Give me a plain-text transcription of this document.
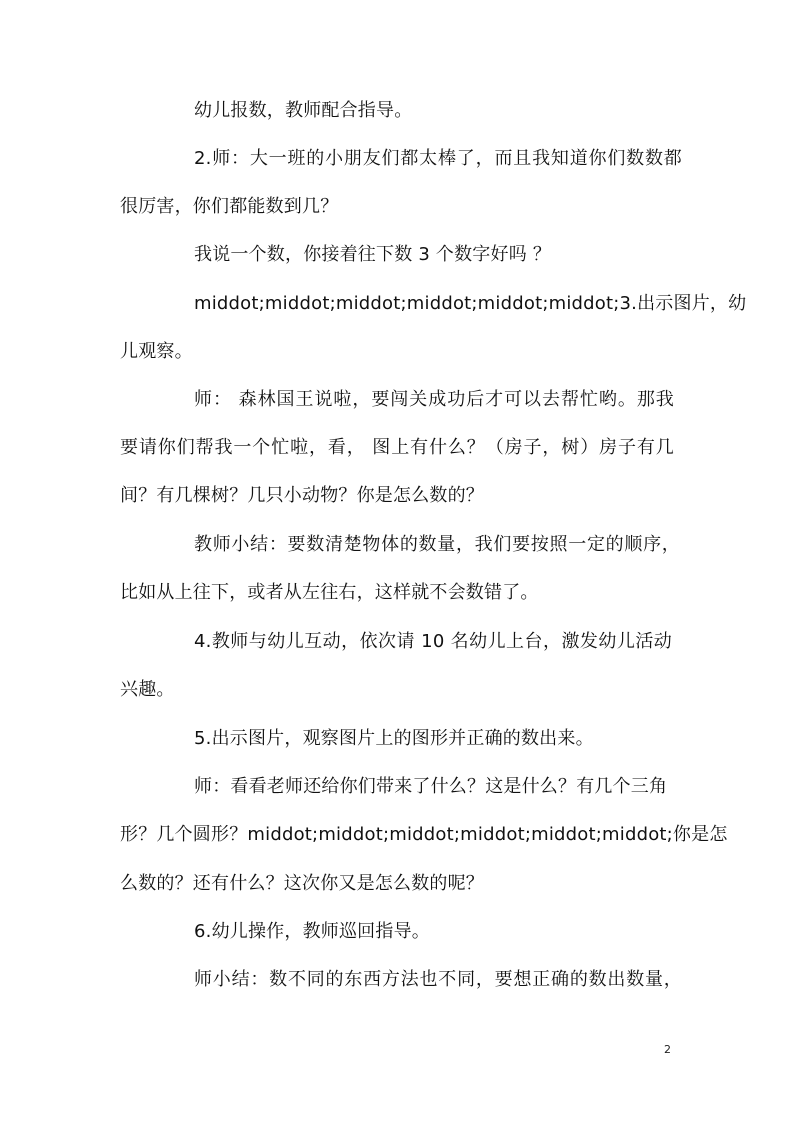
幼儿报数，教师配合指导。
2.师：大一班的小朋友们都太棒了，而且我知道你们数数都
很厉害，你们都能数到几？
我说一个数，你接着往下数 3 个数字好吗 ？
middot;middot;middot;middot;middot;middot;3.出示图片，幼
儿观察。
师： 森林国王说啦，要闯关成功后才可以去帮忙哟。那我
要请你们帮我一个忙啦，看， 图上有什么？（房子，树）房子有几
间？有几棵树？几只小动物？你是怎么数的？
教师小结：要数清楚物体的数量，我们要按照一定的顺序，
比如从上往下，或者从左往右，这样就不会数错了。
4.教师与幼儿互动，依次请 10 名幼儿上台，激发幼儿活动
兴趣。
5.出示图片，观察图片上的图形并正确的数出来。
师：看看老师还给你们带来了什么？这是什么？有几个三角
形？几个圆形？middot;middot;middot;middot;middot;middot;你是怎
么数的？还有什么？这次你又是怎么数的呢？
6.幼儿操作，教师巡回指导。
师小结：数不同的东西方法也不同，要想正确的数出数量，
2
